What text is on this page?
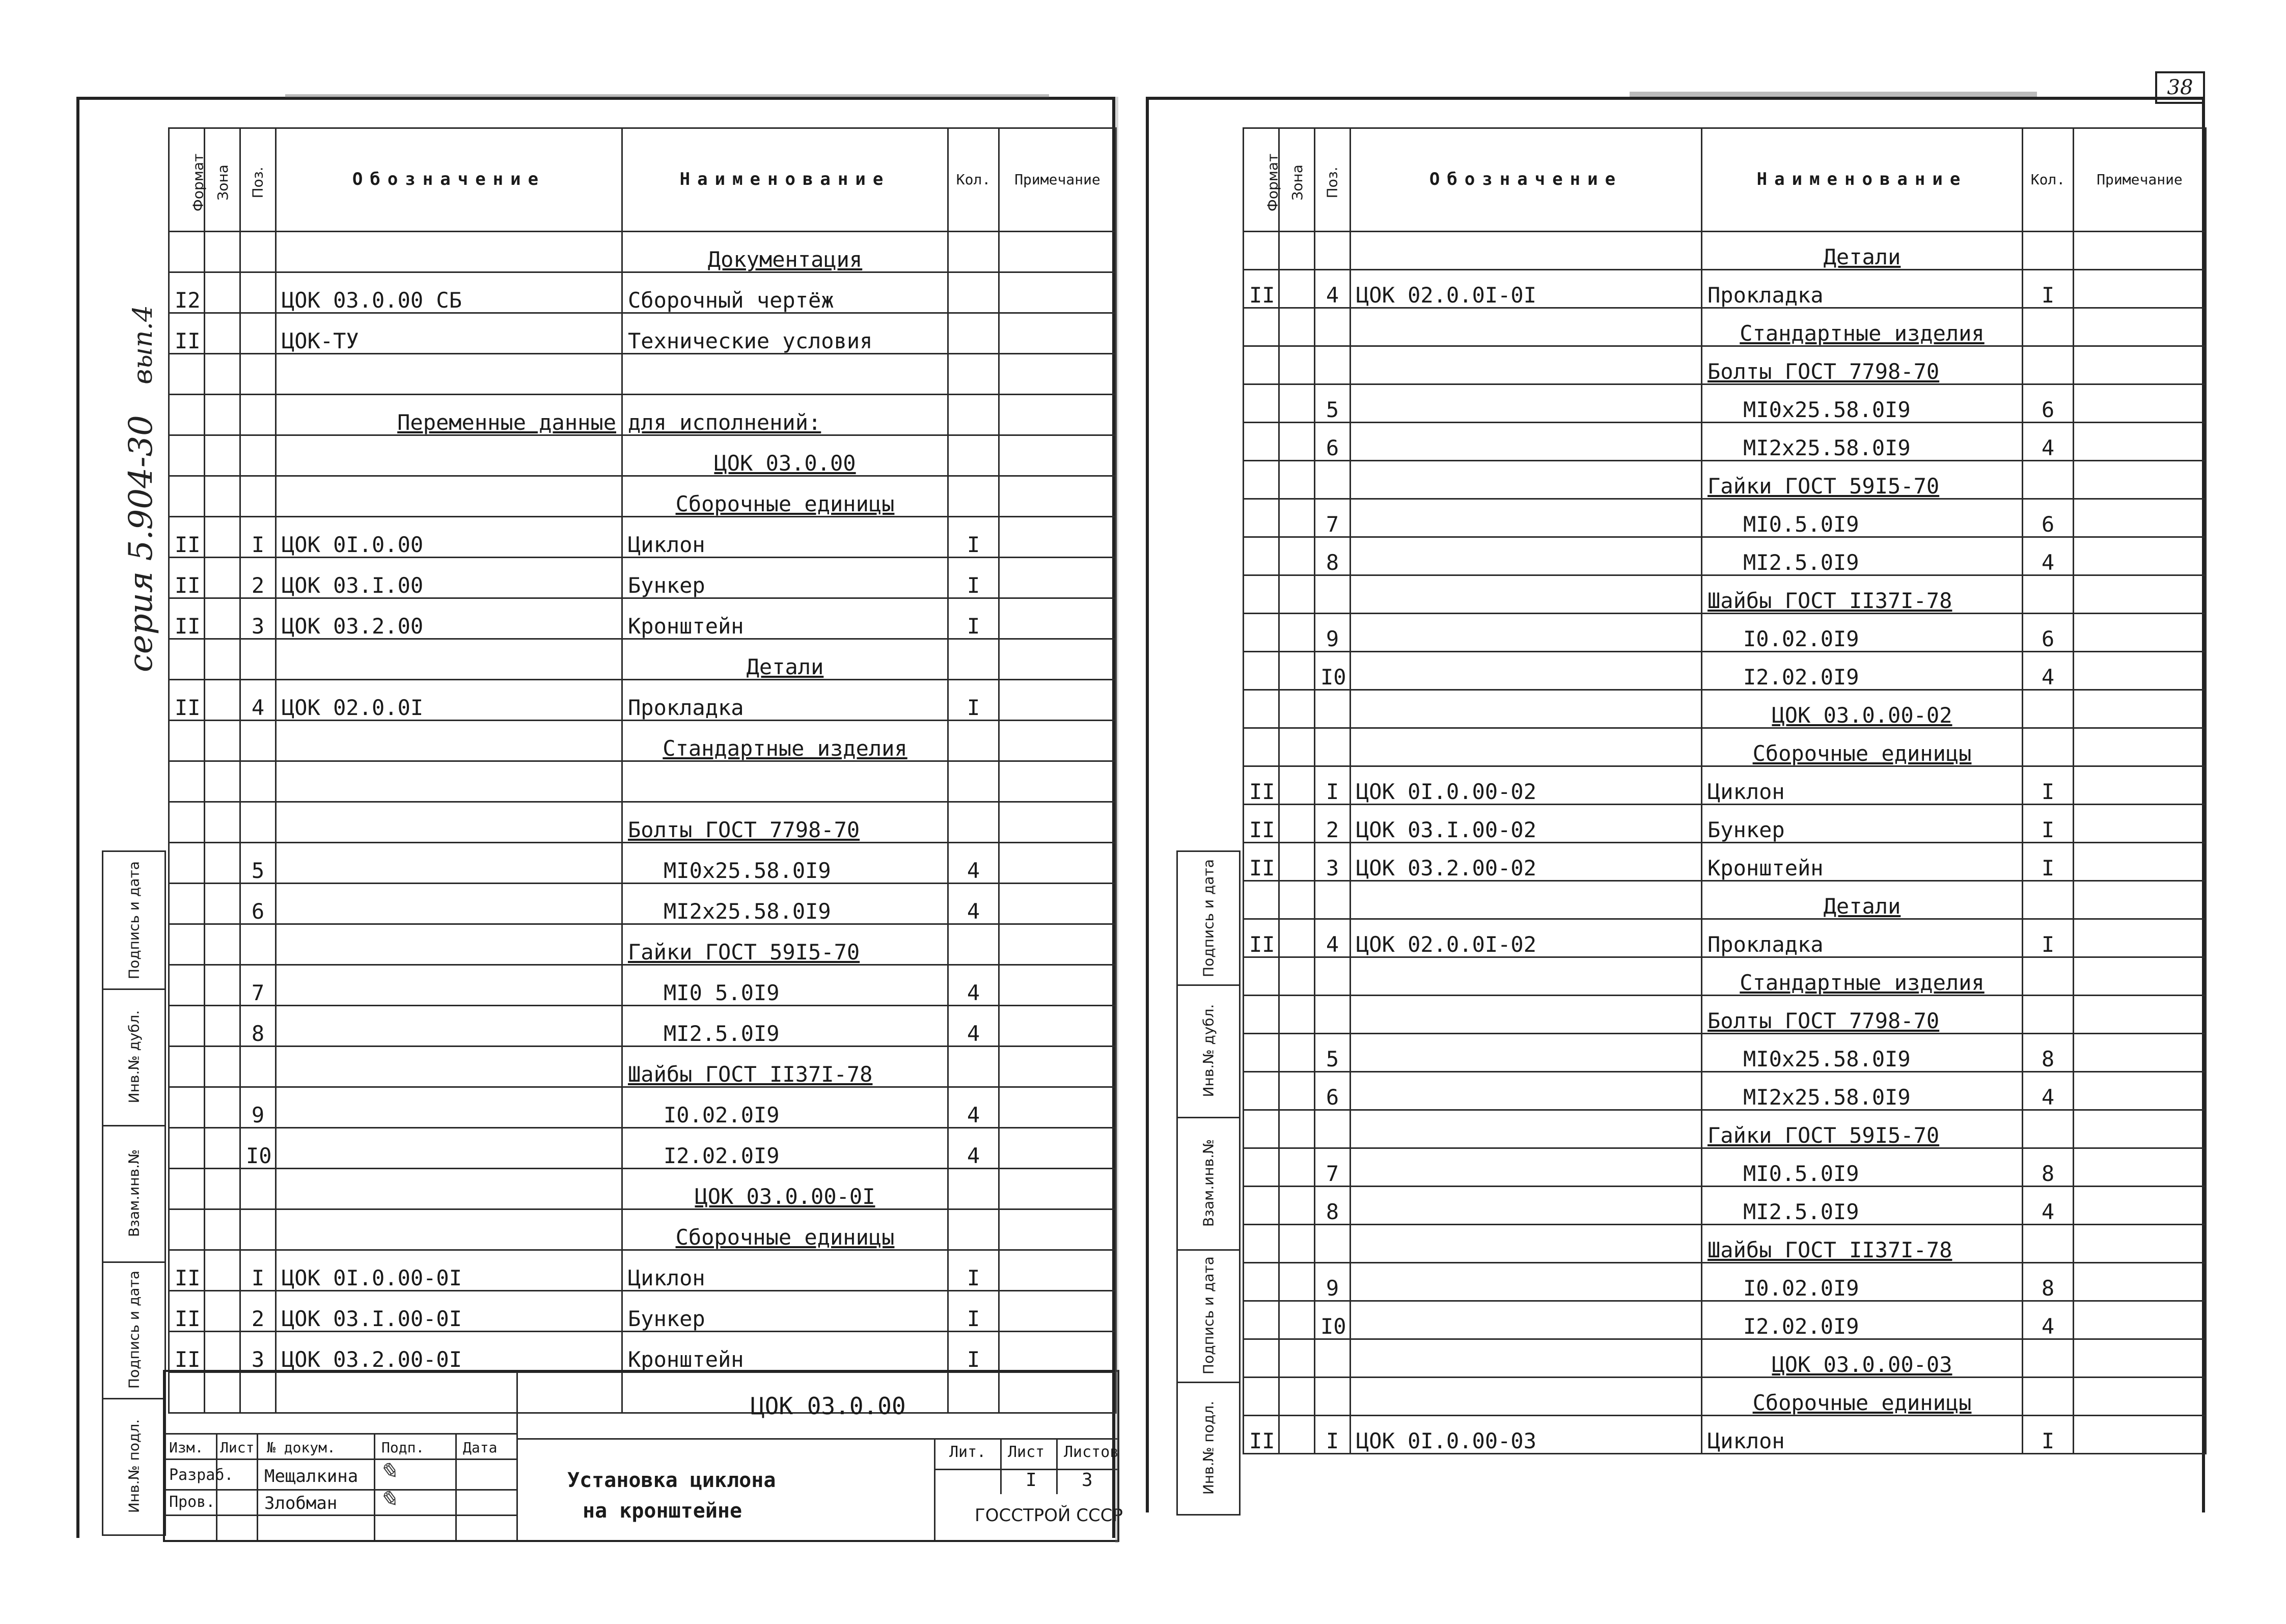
серия 5.904-30 вып.4
Формат	Зона	Поз.	Обозначение	Наименование	Кол.	Примечание
				Документация		
I2			ЦОК 03.0.00 СБ	Сборочный чертёж		
II			ЦОК-ТУ	Технические условия		

			Переменные данные	для исполнений:		
				ЦОК 03.0.00		
				Сборочные единицы		
II		I	ЦОК 0I.0.00	Циклон	I	
II		2	ЦОК 03.I.00	Бункер	I	
II		3	ЦОК 03.2.00	Кронштейн	I	
				Детали		
II		4	ЦОК 02.0.0I	Прокладка	I	
				Стандартные изделия		

				Болты ГОСТ 7798-70		
		5		МI0х25.58.0I9	4	
		6		МI2х25.58.0I9	4	
				Гайки ГОСТ 59I5-70		
		7		МI0 5.0I9	4	
		8		МI2.5.0I9	4	
				Шайбы ГОСТ II37I-78		
		9		I0.02.0I9	4	
		I0		I2.02.0I9	4	
				ЦОК 03.0.00-0I		
				Сборочные единицы		
II		I	ЦОК 0I.0.00-0I	Циклон	I	
II		2	ЦОК 03.I.00-0I	Бункер	I	
II		3	ЦОК 03.2.00-0I	Кронштейн	I	

Подпись и дата
Инв.№ дубл.
Взам.инв.№
Подпись и дата
Инв.№ подл.
ЦОК 03.0.00
Изм. Лист № докум.	Подп.	Дата
Разраб. Мещалкина
Пров.	Злобман
✎
✎
Установка циклона
на кронштейне
Лит. Лист Листов
I 3
ГОССТРОЙ СССР
38
Формат	Зона	Поз.	Обозначение	Наименование	Кол.	Примечание
				Детали		
II		4	ЦОК 02.0.0I-0I	Прокладка	I	
				Стандартные изделия		
				Болты ГОСТ 7798-70		
		5		МI0х25.58.0I9	6	
		6		МI2х25.58.0I9	4	
				Гайки ГОСТ 59I5-70		
		7		МI0.5.0I9	6	
		8		МI2.5.0I9	4	
				Шайбы ГОСТ II37I-78		
		9		I0.02.0I9	6	
		I0		I2.02.0I9	4	
				ЦОК 03.0.00-02		
				Сборочные единицы		
II		I	ЦОК 0I.0.00-02	Циклон	I	
II		2	ЦОК 03.I.00-02	Бункер	I	
II		3	ЦОК 03.2.00-02	Кронштейн	I	
				Детали		
II		4	ЦОК 02.0.0I-02	Прокладка	I	
				Стандартные изделия		
				Болты ГОСТ 7798-70		
		5		МI0х25.58.0I9	8	
		6		МI2х25.58.0I9	4	
				Гайки ГОСТ 59I5-70		
		7		МI0.5.0I9	8	
		8		МI2.5.0I9	4	
				Шайбы ГОСТ II37I-78		
		9		I0.02.0I9	8	
		I0		I2.02.0I9	4	
				ЦОК 03.0.00-03		
				Сборочные единицы		
II		I	ЦОК 0I.0.00-03	Циклон	I	
Подпись и дата
Инв.№ дубл.
Взам.инв.№
Подпись и дата
Инв.№ подл.
